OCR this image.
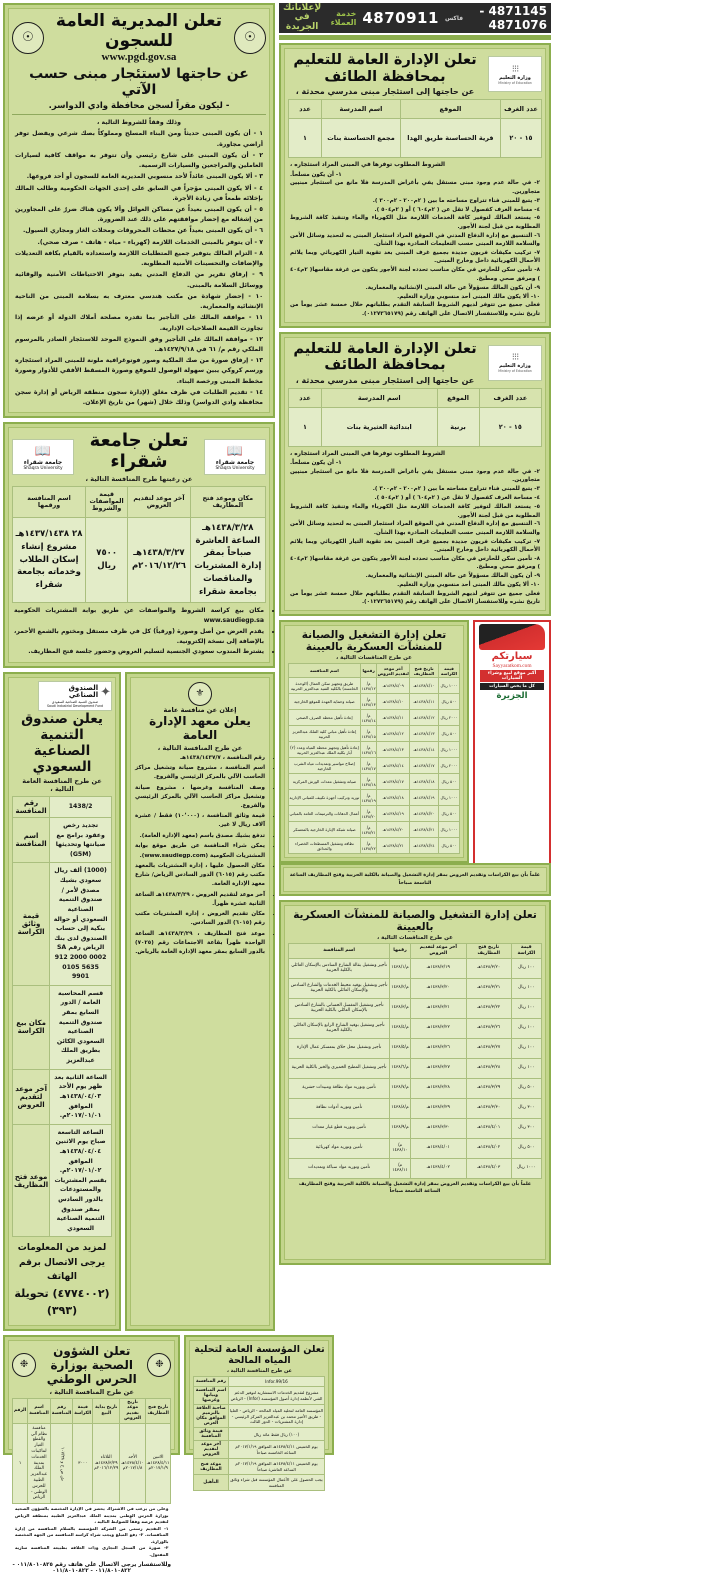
☉
تعلن المديرية العامة للسجون
www.pgd.gov.sa
☉
عن حاجتها لاستئجار مبنى حسب الآتي
- ليكون مقراً لسجن محافظة وادي الدواسر.
وذلك وفقاً للشروط التالية ،
١ - أن يكون المبنى حديثاً ومن البناء المسلح ومملوكاً بصك شرعي ويفضل توفر أراضي مجاورة.
٢ - أن يكون المبنى على شارع رئيسي وأن تتوفر به مواقف كافية لسيارات العاملين والمراجعين والسيارات الرسمية.
٣ - ألا يكون المبنى عائداً لأحد منسوبي المديرية العامة للسجون أو أحد فروعها.
٤ - ألا يكون المبنى مؤجراً في السابق على إحدى الجهات الحكومية وطالب المالك بإخلائه طمعاً في زيادة الأجرة.
٥ - أن يكون المبنى بعيداً عن مساكن العوائل وألا يكون هناك ضررٌ على المجاورين من إشغاله مع إحضار موافقتهم على ذلك عند الضرورة.
٦ - أن يكون المبنى بعيداً عن محطات المحروقات ومحلات الغاز ومجاري السيول.
٧ - أن يتوفر بالمبنى الخدمات اللازمة (كهرباء - مياه - هاتف - صرف صحي).
٨ - التزام المالك بتوفير جميع المتطلبات اللازمة واستعداده بالقيام بكافة التعديلات والإضافات والتحسينات الأمنية المطلوبة.
٩ - إرفاق تقرير من الدفاع المدني يفيد بتوفر الاحتياطات الأمنية والوقائية ووسائل السلامة بالمبنى.
١٠ - إحضار شهادة من مكتب هندسي معترف به بسلامة المبنى من الناحية الإنشائية والمعمارية.
١١ - موافقة المالك على التأجير بما تقدره مصلحة أملاك الدولة أو عرضه إذا تجاوزت القيمة الصلاحيات الإدارية.
١٢ - موافقة المالك على التأجير وفق النموذج الموحد للاستئجار الصادر بالمرسوم الملكي رقم م/ ٦١ في ١٤٢٧/٩/١٨هـ.
١٣ - إرفاق صورة من صك الملكية وصور فوتوغرافية ملونة للمبنى المراد استئجاره ورسم كروكي يبين سهولة الوصول للموقع وصورة المسقط الأفقي للأدوار وصورة مخطط المبنى ورخصة البناء.
١٤ - تقديم الطلبات في ظرف مغلق (لإدارة سجون منطقة الرياض أو إدارة سجن محافظة وادي الدواسر) وذلك خلال (شهر) من تاريخ الإعلان.
📖
جامعة شقراء
Shaqra University
تعلن جامعة شقراء
عن رغبتها طرح المنافسة التالية ،
📖
جامعة شقراء
Shaqra University
مكان وموعد فتح المظاريف	آخر موعد لتقديم العروض	قيمة المواصفات والشروط	اسم المنافسة ورقمها
١٤٣٨/٣/٢٨هـ الساعة العاشرة صباحاً بمقر إدارة المشتريات والمناقصات بجامعة شقراء	١٤٣٨/٣/٢٧هـ ٢٠١٦/١٢/٢٦م	٧٥٠٠ ريال	٢٨ ١٤٣٧/١٤٣٨هـ مشروع إنشاء إسكان الطلاب وخدماته بجامعة شقراء
• مكان بيع كراسة الشروط والمواصفات عن طريق بوابة المشتريات الحكومية www.saudiegp.sa
• يقدم العرض من أصل وصورة (ورقياً) كل في ظرف مستقل ومختوم بالشمع الأحمر، بالإضافة إلى نسخة إلكترونية.
• يشترط المندوب سعودي الجنسية لتسليم العروض وحضور جلسة فتح المظاريف.
✦
الصندوق الصناعي
صندوق التنمية الصناعية السعودي
Saudi Industrial Development Fund
يعلن صندوق التنمية الصناعية السعودي
عن طرح المنافسة العامة التالية ،
1438/2	رقم المنافسة
تجديد رخص وعقود برامج مع صيانتها وتحديثها (G5M)	اسم المنافسة
(1000) ألف ريال سعودي بشيك مصدق لأمر / صندوق التنمية الصناعية السعودي أو حوالة بنكية إلى حساب الصندوق لدى بنك الرياض رقم SA 912 2000 0002 0105 5635 9901	قيمة وثائق الكراسة
قسم المحاسبة العامة / الدور السابع بمقر صندوق التنمية الصناعية السعودي الكائن بطريق الملك عبدالعزيز	مكان بيع الكراسة
الساعة الثانية بعد ظهر يوم الأحد ١٤٣٨/٠٤/٠٣هـ الموافق ٢٠١٧/٠١/٠١م.	آخر موعد لتقديم العروض
الساعة التاسعة صباح يوم الاثنين ١٤٣٨/٠٤/٠٤هـ الموافق ٢٠١٧/٠١/٠٢م. بقسم المشتريات والمستودعات بالدور السادس بمقر صندوق التنمية الصناعية السعودي	موعد فتح المظاريف
لمزيد من المعلومات يرجى الاتصال برقم الهاتف
(٤٧٧٤٠٠٢) تحويلة (٣٩٣)
⚜
إعلان عن منافسة عامة
يعلن معهد الإدارة العامة
عن طرح المنافسة التالية ،
• رقم المنافسة ، ١٤٣٨/١٤٣٧/٧هـ
• اسم المنافسة ، مشروع صيانة وتشغيل مراكز الحاسب الآلي بالمركز الرئيسي والفروع.
• وصف المنافسة وغرضها ، مشروع صيانة وتشغيل مراكز الحاسب الآلي بالمركز الرئيسي والفروع.
• قيمة وثائق المنافسة ، (١٠٬٠٠٠) فقط / عشرة آلاف ريال لا غير.
• تدفع بشيك مصدق باسم (معهد الإدارة العامة).
• يمكن شراء المنافسة عن طريق موقع بوابة المشتريات الحكومية (www.saudiegp.com).
• مكان الحصول عليها ، إدارة المشتريات بالمعهد مكتب رقم (٦٠١٥) الدور السادس الرياض/ شارع معهد الإدارة العامة.
• آخر موعد لتقديم العروض ، ١٤٣٨/٣/٢٩هـ الساعة الثانية عشرة ظهراً.
• مكان تقديم العروض ، إدارة المشتريات مكتب رقم (٦٠١٥) الدور السادس.
• موعد فتح المظاريف ، ١٤٣٨/٣/٢٩هـ الساعة الواحدة ظهراً بقاعة الاجتماعات رقم (٧٠٢٥) بالدور السابع بمقر معهد الإدارة العامة بالرياض.
❉
تعلن الشؤون الصحية بوزارة الحرس الوطني
❉
عن طرح المنافسة التالية ،
تاريخ فتح المظاريف	تاريخ موعد تقديم العروض	تاريخ بداية البيع	قيمة الكراسة	رقم المنافسة	اسم المنافسة	الرقم
الاثنين ١٤٣٨/٤/١١هـ ٢٠١٧/١/٩م	الأحد ١٤٣٨/٤/١٠هـ ٢٠١٧/١/٨م	الثلاثاء ١٤٣٨/٣/٢٩هـ ٢٠١٦/١٢/٢٩م	٣٠٠٠	ش ص ح و ١٠٧/٣٨	منافسة نظام آلي والقطع الغيار لماكينات الخدمات بمدينة الملك عبدالعزيز الطبية للحرس الوطني - الرياض	١
وعلى من يرغب في الاشتراك يحضر في الإدارة المختصة بالشؤون الصحية بوزارة الحرس الوطني بمدينة الملك عبدالعزيز الطبية بمنطقة الرياض لتقديم عرضه وفقاً للضوابط التالية ،
١- التقديم رسمي من الشركة المؤسسة بالسلام المنافسة من إدارة المنافسات. ٢- دفع المبلغ ويجب شراء كراسة المنافسة من الجهة المختصة بالوزارة.
٣- صورة من السجل التجاري وذات العلاقة بطبيعة المنافسة سارية المفعول.
وللاستفسار يرجى الاتصال على هاتف رقم ٠١١/٨٠١٠٨٢٥ - ٠١١/٨٠١٠٨٢٢ - ٠١١/٨٠١٠٨٢٢
تعلن المؤسسة العامة لتحلية المياه المالحة
عن طرح المنافسة التالية ،
Infor.99/16	رقم المنافسة
مشروع لتقديم الخدمات الاستشارية لتوفير الدعم الفني لأنظمة إدارة أصول المؤسسة (Infor) - الرياض	اسم المنافسة وبيانها وغرضها
المؤسسة العامة لتحلية المياه المالحة - الرياض - العليا - طريق الأمير محمد بن عبدالعزيز المركز الرئيسي - إدارة المشتريات - الدور الثالث	صاحبة العلاقة بالترميم الموافق مكان العرض
(١٠٠) ريال فقط مائة ريال	قيمة وثائق المنافسة
يوم الخميس ١٤٣٨/٤/١١هـ الموافق ٢٠١٧/١/١٩م الساعة الخامسة صباحاً	آخر موعد لتقديم العروض
يوم الخميس ١٤٣٨/٤/١١هـ الموافق ٢٠١٧/١/١٩م الساعة العاشرة صباحاً	موعد فتح المظاريف
يجب الحصول على الأعمال المؤسسة قبل شراء وثائق المنافسة	التأهيل
4871145 - 4871076
فاكس
4870911
خدمة العملاء
لإعلاناتك
في الجريدة
⁝⁝⁝
وزارة التعليم
Ministry of Education
تعلن الإدارة العامة للتعليم بمحافظة الطائف
عن حاجتها إلى استئجار مبنى مدرسي محدثة ،
عدد الغرف	الموقع	اسم المدرسة	عدد
١٥ - ٢٠	قرية الحساسنة طريق الهدا	مجمع الحساسنة بنات	١
الشروط المطلوب توفرها في المبنى المراد استئجاره ،
١- أن يكون مسلحاً.
٢- في حالة عدم وجود مبنى مستقل يفي بأغراض المدرسة فلا مانع من استئجار مبنيين متجاورين.
٣- يتبع للمبنى فناء تتراوح مساحته ما بين ( ٢م٢٠٠ - ٢م٣٠٠ ).
٤- مساحة الغرف كفصول لا تقل عن ( ٢م٦٠٤ ) أو ( ٢م٥٠٤ ).
٥- يستعد المالك لتوفير كافة الخدمات اللازمة مثل الكهرباء والماء وتنفيذ كافة الشروط المطلوبة من قبل لجنة الأجور.
٦- التنسيق مع إدارة الدفاع المدني في الموقع المراد استئجار المبنى به لتحديد وسائل الأمن والسلامة اللازمة المبنى حسب التعليمات الصادرة بهذا الشأن.
٧- تركيب مكيفات فريون جديدة بجميع غرف المبنى بعد تقوية التيار الكهربائي وبما يلائم الأحمال الكهربائية داخل وخارج المبنى.
٨- تأمين سكن للحارس في مكان مناسب تحدده لجنة الأجور يتكون من غرفة مقاسها( ٢م٤٠٤ ) ومرفق صحي ومطبخ.
٩- أن يكون المالك مسؤولاً عن حالة المبنى الإنشائية والمعمارية.
١٠- ألا يكون مالك المبنى أحد منسوبي وزارة التعليم.
فعلى جميع من تتوفر لديهم الشروط السابقة التقدم بطلباتهم خلال خمسة عشر يوماً من تاريخ نشره وللاستفسار الاتصال على الهاتف رقم (٠١٢٧٣٦٥١٧٩).
⁝⁝⁝
وزارة التعليم
Ministry of Education
تعلن الإدارة العامة للتعليم بمحافظة الطائف
عن حاجتها إلى استئجار مبنى مدرسي محدثة ،
عدد الغرف	الموقع	اسم المدرسة	عدد
١٥ - ٢٠	برنية	ابتدائية العثيرية بنات	١
الشروط المطلوب توفرها في المبنى المراد استئجاره ،
١- أن يكون مسلحاً.
٢- في حالة عدم وجود مبنى مستقل يفي بأغراض المدرسة فلا مانع من استئجار مبنيين متجاورين.
٣- يتبع للمبنى فناء تتراوح مساحته ما بين ( ٢م٢٠٠ - ٢م٣٠٠ ).
٤- مساحة الغرف كفصول لا تقل عن ( ٢م٦٠٤ ) أو ( ٢م٥٠٤ ).
٥- يستعد المالك لتوفير كافة الخدمات اللازمة مثل الكهرباء والماء وتنفيذ كافة الشروط المطلوبة من قبل لجنة الأجور.
٦- التنسيق مع إدارة الدفاع المدني في الموقع المراد استئجار المبنى به لتحديد وسائل الأمن والسلامة اللازمة المبنى حسب التعليمات الصادرة بهذا الشأن.
٧- تركيب مكيفات فريون جديدة بجميع غرف المبنى بعد تقوية التيار الكهربائي وبما يلائم الأحمال الكهربائية داخل وخارج المبنى.
٨- تأمين سكن للحارس في مكان مناسب تحدده لجنة الأجور يتكون من غرفة مقاسها( ٢م٤٠٤ ) ومرفق صحي ومطبخ.
٩- أن يكون المالك مسؤولاً عن حالة المبنى الإنشائية والمعمارية.
١٠- ألا يكون مالك المبنى أحد منسوبي وزارة التعليم.
فعلى جميع من تتوفر لديهم الشروط السابقة التقدم بطلباتهم خلال خمسة عشر يوماً من تاريخ نشره وللاستفسار الاتصال على الهاتف رقم (٠١٢٧٣٦٥١٧٩).
تعلن إدارة التشغيل والصيانة للمنشآت العسكرية بالعيينة
عن طرح المنافسات التالية ،
قيمة الكراسة	تاريخ فتح المظاريف	آخر موعد لتقديم العروض	رقمها	اسم المنافسة
١٠٠٠ ريال	١٤٣٨/٤/١٠هـ	١٤٣٨/٤/٠٩هـ	م/١٤٣٨/١٢	طريق وتجهيز سكن العمال (الوحدة الخامسة) بالكلية الفنية عبدالعزيز الحربية
٥٠٠ ريال	١٤٣٨/٤/١١هـ	١٤٣٨/٤/١٠هـ	م/١٤٣٨/١٣	صيانة وحماية العهدة للموقع الخارجية
٢٠٠٠ ريال	١٤٣٨/٤/١٢هـ	١٤٣٨/٤/١١هـ	م/١٤٣٨/١٤	إعادة تأهيل محطة الصرف الصحي
٥٠٠ ريال	١٤٣٨/٤/١٣هـ	١٤٣٨/٤/١٢هـ	م/١٤٣٨/١٥	إعادة تأهيل مباني كلية الملك عبدالعزيز الحربية
١٠٠٠ ريال	١٤٣٨/٤/١٤هـ	١٤٣٨/٤/١٣هـ	م/١٤٣٨/١٦	إعادة تأهيل وتجهيز محطة المياه وعدد (٢) آبار بكلية الملك عبدالعزيز الحربية
٢٠٠٠ ريال	١٤٣٨/٤/١٧هـ	١٤٣٨/٤/١٤هـ	م/١٤٣٨/١٧	إصلاح مواسير وتمديدات مياه الشرب الخارجية
٥٠٠ ريال	١٤٣٨/٤/١٨هـ	١٤٣٨/٤/١٧هـ	م/١٤٣٨/١٨	صيانة وتشغيل معدات الورش المركزية
١٠٠٠ ريال	١٤٣٨/٤/١٩هـ	١٤٣٨/٤/١٨هـ	م/١٤٣٨/١٩	توريد وتركيب أجهزة تكييف للمباني الإدارية
٥٠٠ ريال	١٤٣٨/٤/٢٠هـ	١٤٣٨/٤/١٩هـ	م/١٤٣٨/٢٠	أعمال الدهانات والترميمات العامة بالمباني
١٠٠٠ ريال	١٤٣٨/٤/٢١هـ	١٤٣٨/٤/٢٠هـ	م/١٤٣٨/٢١	صيانة شبكة الإنارة الخارجية بالمعسكر
٥٠٠ ريال	١٤٣٨/٤/٢٤هـ	١٤٣٨/٤/٢١هـ	م/١٤٣٨/٢٢	نظافة وتشغيل المسطحات الخضراء والحدائق
سيارتكم
Sayyaratkom.com
أكبر موقع لبيع وشراء السيارات
كل ما يخص السيارات
الجزيرة
علماً بأن بيع الكراسات وتقديم العروض بمقر إدارة التشغيل والصيانة بالكلية الحربية وفتح المظاريف الساعة التاسعة صباحاً
تعلن إدارة التشغيل والصيانة للمنشآت العسكرية بالعيينة
عن طرح المنافسات التالية ،
قيمة الكراسة	تاريخ فتح المظاريف	آخر موعد لتقديم العروض	رقمها	اسم المنافسة
١٠٠ ريال	١٤٣٨/٣/٢٠هـ	١٤٣٨/٣/١٩هـ	م/١٤٣٨/١	تأجير وتشغيل بقالة الشارع السادس بالإسكان العائلي بالكلية الحربية
١٠٠ ريال	١٤٣٨/٣/٢١هـ	١٤٣٨/٣/٢٠هـ	م/١٤٣٨/٢	تأجير وتشغيل بوفيه محيط الخدمات والشارع السادس والإسكان العائلي بالكلية الحربية
١٠٠ ريال	١٤٣٨/٣/٢٢هـ	١٤٣٨/٣/٢١هـ	م/١٤٣٨/٣	تأجير وتشغيل المغسل الحساني بالشارع السادس بالإسكان العائلي بالكلية الحربية
١٠٠ ريال	١٤٣٨/٣/٢٦هـ	١٤٣٨/٣/٢٢هـ	م/١٤٣٨/٤	تأجير وتشغيل بوفيه الشارع الرابع بالإسكان العائلي بالكلية الحربية
١٠٠ ريال	١٤٣٨/٣/٢٧هـ	١٤٣٨/٣/٢٦هـ	م/١٤٣٨/٥	تأجير وتشغيل محل حلاق بمعسكر عمال الإدارة
١٠٠ ريال	١٤٣٨/٣/٢٨هـ	١٤٣٨/٣/٢٧هـ	م/١٤٣٨/٦	تأجير وتشغيل المطبخ الخميري والخبز بالكلية الحربية
٥٠٠ ريال	١٤٣٨/٣/٢٩هـ	١٤٣٨/٣/٢٨هـ	م/١٤٣٨/٧	تأمين وتوريد مواد نظافة ومبيدات حشرية
٣٠٠ ريال	١٤٣٨/٣/٣٠هـ	١٤٣٨/٣/٢٩هـ	م/١٤٣٨/٨	تأمين وتوريد أدوات نظافة
٣٠٠ ريال	١٤٣٨/٤/٠١هـ	١٤٣٨/٣/٣٠هـ	م/١٤٣٨/٩	تأمين وتوريد قطع غيار معدات
٥٠٠ ريال	١٤٣٨/٤/٠٢هـ	١٤٣٨/٤/٠١هـ	م/١٤٣٨/١٠	تأمين وتوريد مواد كهربائية
١٠٠٠ ريال	١٤٣٨/٤/٠٣هـ	١٤٣٨/٤/٠٢هـ	م/١٤٣٨/١١	تأمين وتوريد مواد سباكة وتمديدات
علماً بأن بيع الكراسات وتقديم العروض بمقر إدارة التشغيل والصيانة بالكلية الحربية وفتح المظاريف الساعة التاسعة صباحاً
